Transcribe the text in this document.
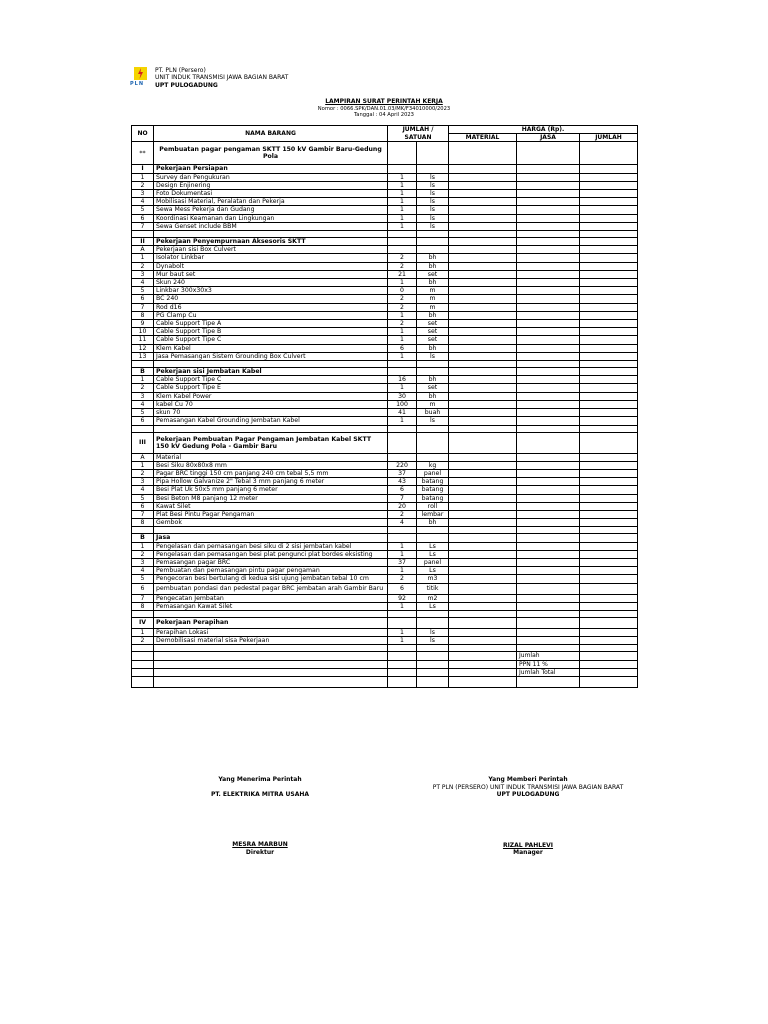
PLN
PT. PLN (Persero)
UNIT INDUK TRANSMISI JAWA BAGIAN BARAT
UPT PULOGADUNG
LAMPIRAN SURAT PERINTAH KERJA
Nomor : 0066.SPK/DAN.01.03/MK/F34010000/2023
Tanggal : 04 April 2023
NO	NAMA BARANG	JUMLAH /		HARGA (Rp).		
		SATUAN		MATERIAL	JASA	JUMLAH
**	Pembuatan pagar pengaman SKTT 150 kV Gambir Baru-Gedung Pola					
I	Pekerjaan Persiapan					
1	Survey dan Pengukuran	1	ls			
2	Design Enjinering	1	ls			
3	Foto Dokumentasi	1	ls			
4	Mobilisasi Material, Peralatan dan Pekerja	1	ls			
5	Sewa Mess Pekerja dan Gudang	1	ls			
6	Koordinasi Keamanan dan Lingkungan	1	ls			
7	Sewa Genset include BBM	1	ls			

II	Pekerjaan Penyempurnaan Aksesoris SKTT					
A	Pekerjaan sisi Box Culvert					
1	Isolator Linkbar	2	bh			
2	Dynabolt	2	bh			
3	Mur baut set	21	set			
4	Skun 240	1	bh			
5	Linkbar 300x30x3	0	m			
6	BC 240	2	m			
7	Rod d16	2	m			
8	PG Clamp Cu	1	bh			
9	Cable Support Tipe A	2	set			
10	Cable Support Tipe B	1	set			
11	Cable Support Tipe C	1	set			
12	Klem Kabel	6	bh			
13	Jasa Pemasangan Sistem Grounding Box Culvert	1	ls			

B	Pekerjaan sisi Jembatan Kabel					
1	Cable Support Tipe C	16	bh			
2	Cable Support Tipe E	1	set			
3	Klem Kabel Power	30	bh			
4	kabel Cu 70	100	m			
5	skun 70	41	buah			
6	Pemasangan Kabel Grounding Jembatan Kabel	1	ls			

III	Pekerjaan Pembuatan Pagar Pengaman Jembatan Kabel SKTT 150 kV Gedung Pola - Gambir Baru					
A	Material					
1	Besi Siku 80x80x8 mm	220	kg			
2	Pagar BRC tinggi 150 cm panjang 240 cm tebal 5,5 mm	37	panel			
3	Pipa Hollow Galvanize 2" Tebal 3 mm panjang 6 meter	43	batang			
4	Besi Plat Uk 50x5 mm panjang 6 meter	6	batang			
5	Besi Beton M8 panjang 12 meter	7	batang			
6	Kawat Silet	20	roll			
7	Plat Besi Pintu Pagar Pengaman	2	lembar			
8	Gembok	4	bh			

B	Jasa					
1	Pengelasan dan pemasangan besi siku di 2 sisi jembatan kabel	1	Ls			
2	Pengelasan dan pemasangan besi plat pengunci plat bordes eksisting	1	Ls			
3	Pemasangan pagar BRC	37	panel			
4	Pembuatan dan pemasangan pintu pagar pengaman	1	Ls			
5	Pengecoran besi bertulang di kedua sisi ujung jembatan tebal 10 cm	2	m3			
6	pembuatan pondasi dan pedestal pagar BRC jembatan arah Gambir Baru	6	titik			
7	Pengecatan Jembatan	92	m2			
8	Pemasangan Kawat Silet	1	Ls			

IV	Pekerjaan Perapihan					
1	Perapihan Lokasi	1	ls			
2	Demobilisasi material sisa Pekerjaan	1	ls			

					Jumlah	
					PPN 11 %	
					Jumlah Total	

Yang Menerima Perintah
PT. ELEKTRIKA MITRA USAHA
MESRA MARBUN
Direktur
Yang Memberi Perintah
PT PLN (PERSERO) UNIT INDUK TRANSMISI JAWA BAGIAN BARAT
UPT PULOGADUNG
RIZAL PAHLEVI
Manager
